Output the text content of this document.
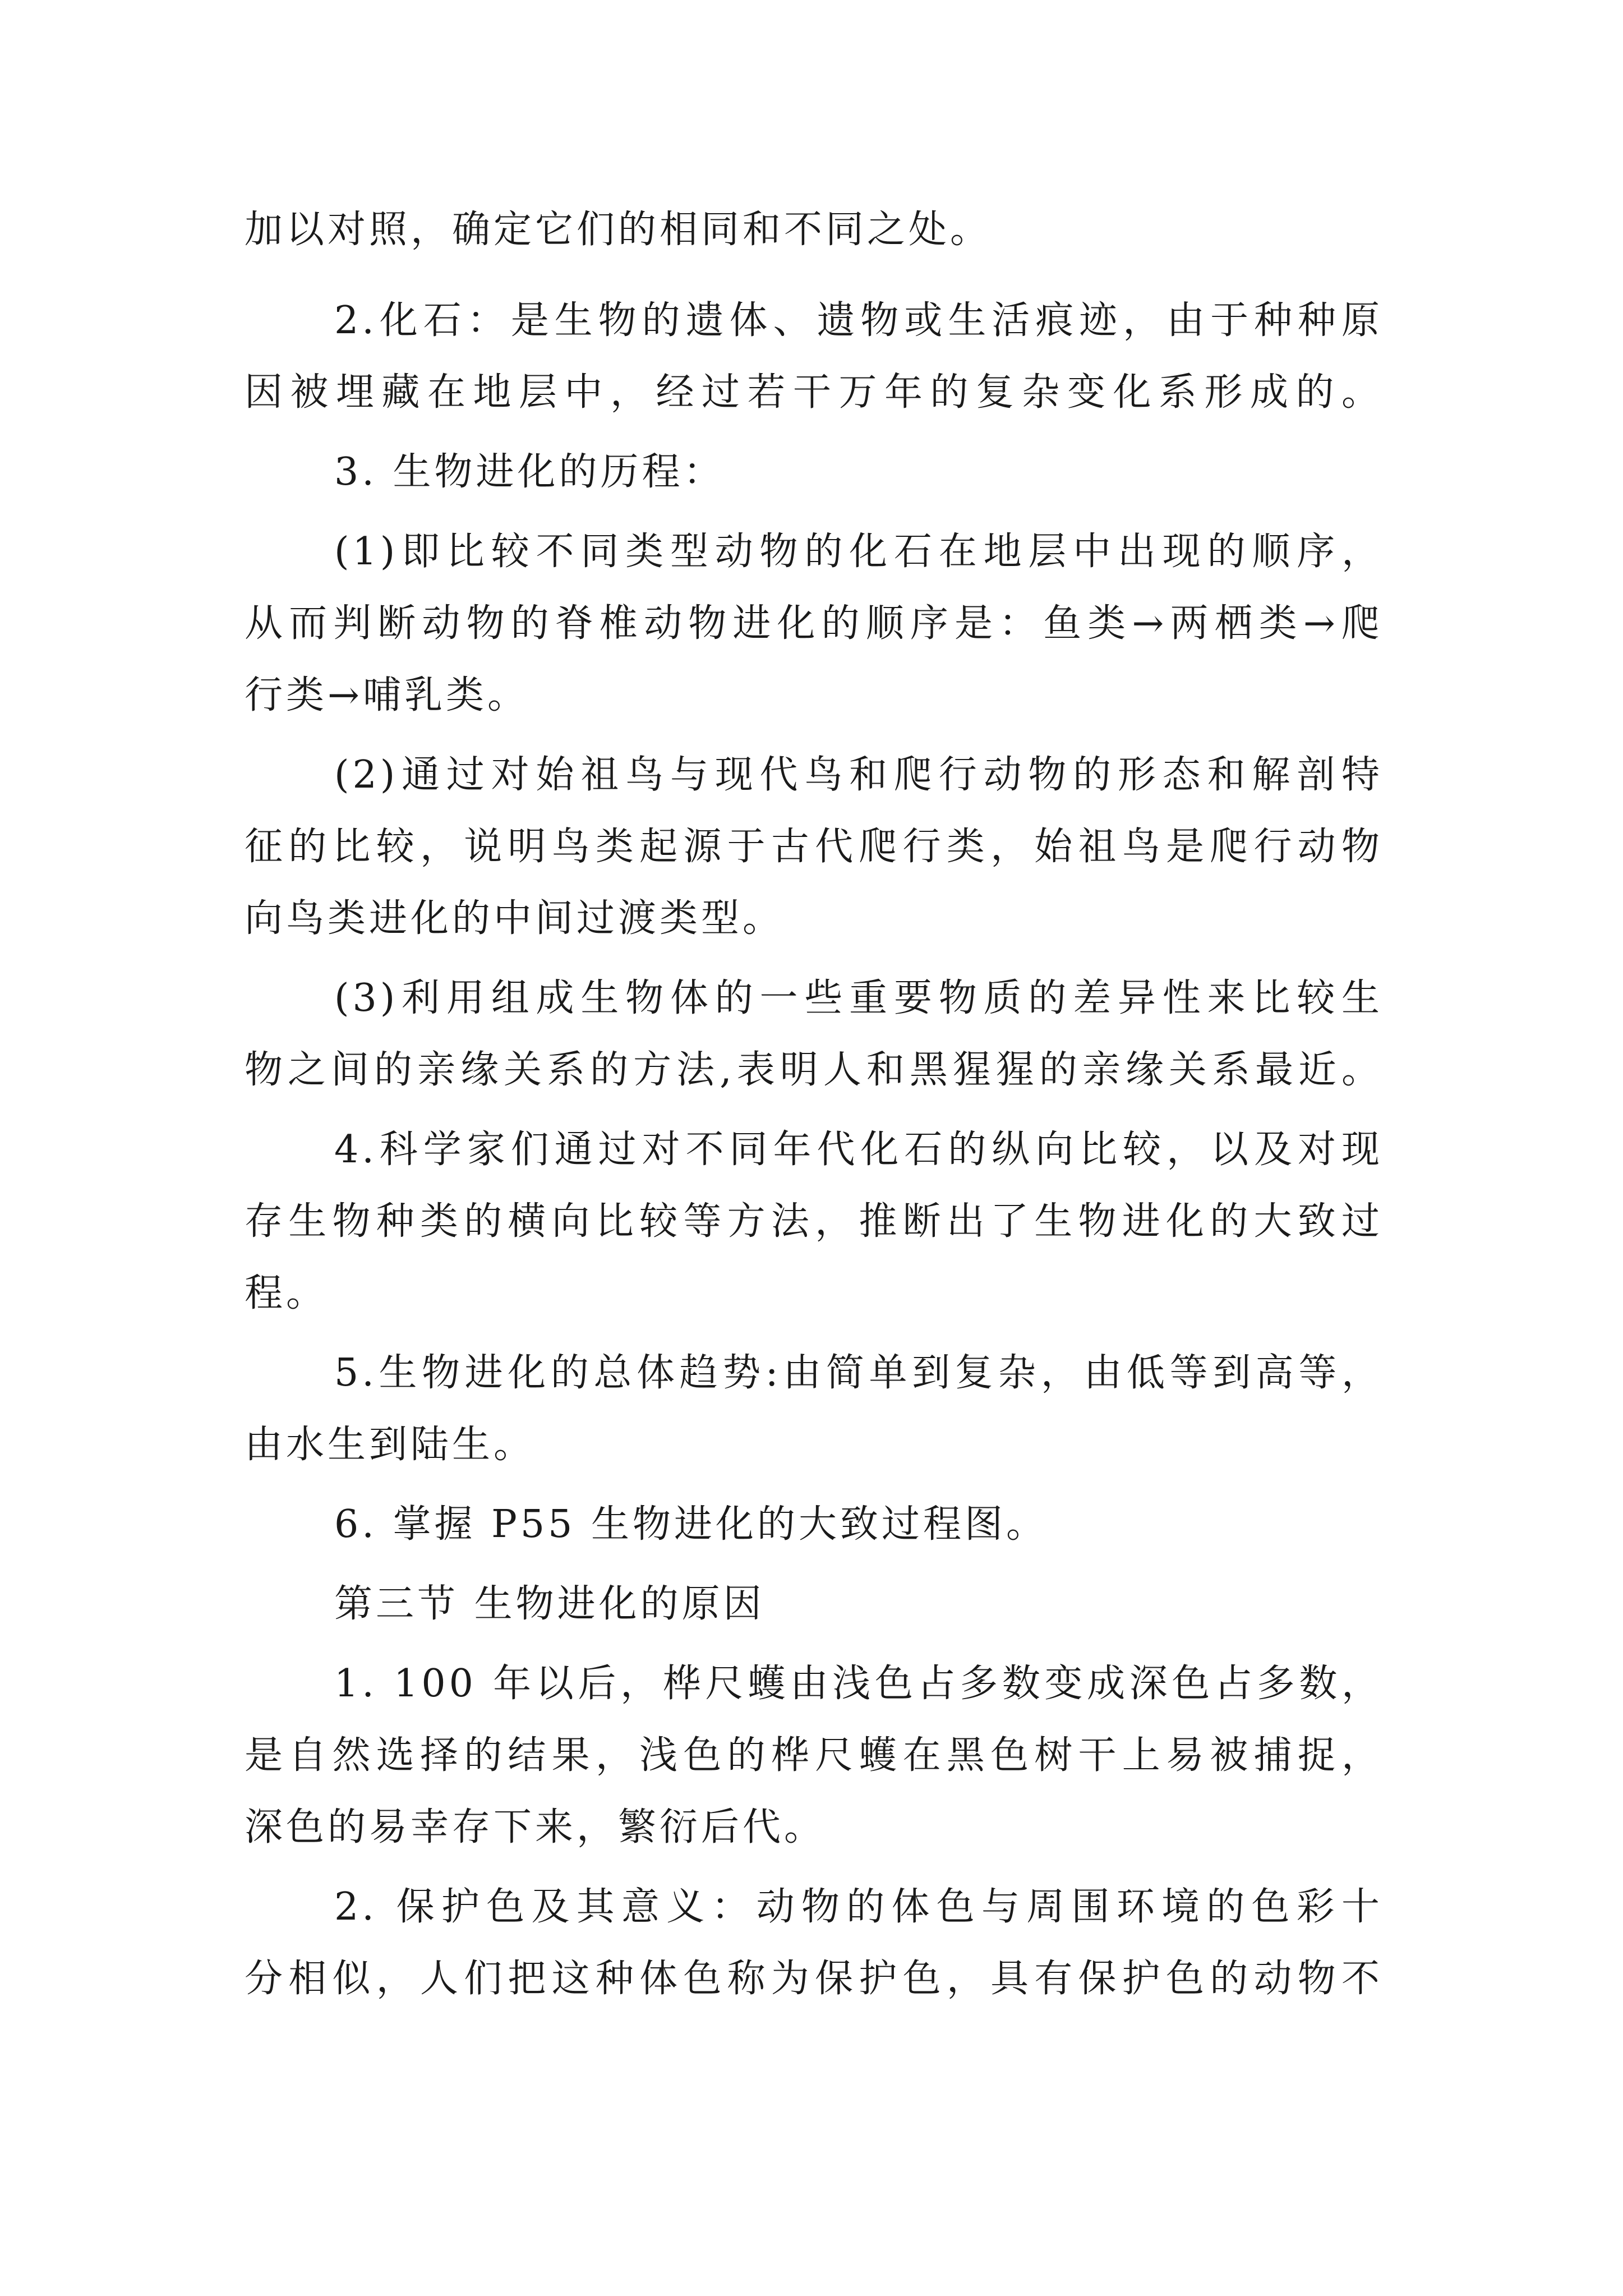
加以对照，确定它们的相同和不同之处。
2.化石：是生物的遗体、遗物或生活痕迹，由于种种原
因被埋藏在地层中，经过若干万年的复杂变化系形成的。
3. 生物进化的历程：
(1)即比较不同类型动物的化石在地层中出现的顺序，
从而判断动物的脊椎动物进化的顺序是：鱼类→两栖类→爬
行类→哺乳类。
(2)通过对始祖鸟与现代鸟和爬行动物的形态和解剖特
征的比较，说明鸟类起源于古代爬行类，始祖鸟是爬行动物
向鸟类进化的中间过渡类型。
(3)利用组成生物体的一些重要物质的差异性来比较生
物之间的亲缘关系的方法,表明人和黑猩猩的亲缘关系最近。
4.科学家们通过对不同年代化石的纵向比较，以及对现
存生物种类的横向比较等方法，推断出了生物进化的大致过
程。
5.生物进化的总体趋势:由简单到复杂，由低等到高等，
由水生到陆生。
6. 掌握 P55 生物进化的大致过程图。
第三节 生物进化的原因
1. 100 年以后，桦尺蠖由浅色占多数变成深色占多数，
是自然选择的结果，浅色的桦尺蠖在黑色树干上易被捕捉，
深色的易幸存下来，繁衍后代。
2. 保护色及其意义：动物的体色与周围环境的色彩十
分相似，人们把这种体色称为保护色，具有保护色的动物不
